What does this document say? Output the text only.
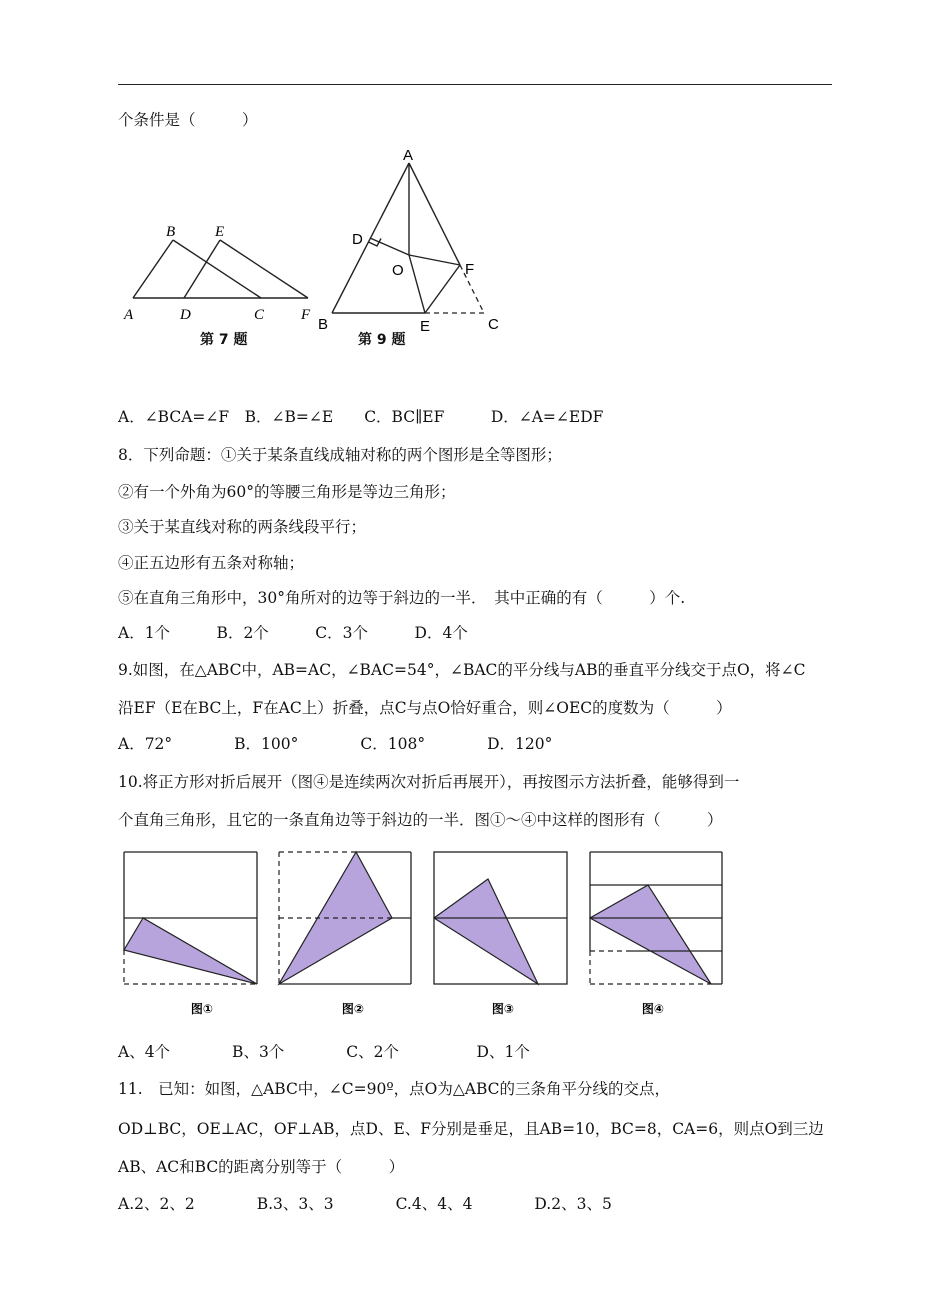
个条件是（　　　）
B	E
A	D	C F
第 7 题
A
D
O	F
B	E	C
第 9 题
A．∠BCA=∠F　B．∠B=∠E　　C．BC∥EF　　　D．∠A=∠EDF
8．下列命题：①关于某条直线成轴对称的两个图形是全等图形；
②有一个外角为60°的等腰三角形是等边三角形；
③关于某直线对称的两条线段平行；
④正五边形有五条对称轴；
⑤在直角三角形中，30°角所对的边等于斜边的一半．　其中正确的有（　　　）个.
A．1个　　　B．2个　　　C．3个　　　D．4个
9.如图，在△ABC中，AB=AC，∠BAC=54°，∠BAC的平分线与AB的垂直平分线交于点O，将∠C
沿EF（E在BC上，F在AC上）折叠，点C与点O恰好重合，则∠OEC的度数为（　　　）
A．72°　　　　B．100°　　　　C．108°　　　　D．120°
10.将正方形对折后展开（图④是连续两次对折后再展开），再按图示方法折叠，能够得到一
个直角三角形，且它的一条直角边等于斜边的一半．图①～④中这样的图形有（　　　）
图①	图②	图③	图④
A、4个　　　　B、3个　　　　C、2个　　　　　D、1个
11.　已知：如图，△ABC中，∠C=90º，点O为△ABC的三条角平分线的交点，
OD⊥BC，OE⊥AC，OF⊥AB，点D、E、F分别是垂足，且AB=10，BC=8，CA=6，则点O到三边
AB、AC和BC的距离分别等于（　　　）
A.2、2、2　　　　B.3、3、3　　　　C.4、4、4　　　　D.2、3、5
